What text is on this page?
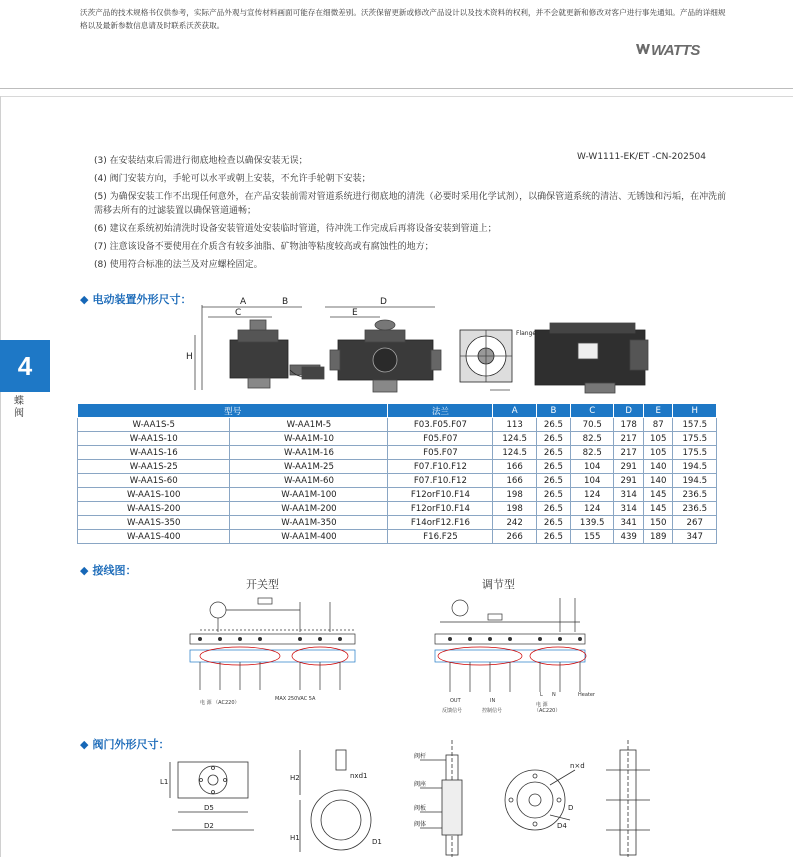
沃茨产品的技术规格书仅供参考，实际产品外观与宣传材料画面可能存在细微差别。沃茨保留更新或修改产品设计以及技术资料的权利，并不会就更新和修改对客户进行事先通知。产品的详细规格以及最新参数信息请及时联系沃茨获取。
WATTS
W-W1111-EK/ET -CN-202504
(3) 在安装结束后需进行彻底地检查以确保安装无误；
(4) 阀门安装方向，手轮可以水平或朝上安装，不允许手轮朝下安装；
(5) 为确保安装工作不出现任何意外，在产品安装前需对管道系统进行彻底地的清洗（必要时采用化学试剂），以确保管道系统的清洁、无锈蚀和污垢，在冲洗前需移去所有的过滤装置以确保管道通畅；
(6) 建议在系统初始清洗时设备安装管道处安装临时管道，待冲洗工作完成后再将设备安装到管道上；
(7) 注意该设备不要使用在介质含有较多油脂、矿物油等粘度较高或有腐蚀性的地方；
(8) 使用符合标准的法兰及对应螺栓固定。
4
蝶阀
◆ 电动装置外形尺寸：	A	B
C
D
E
H
Flange
型号		法兰	A	B	C	D	E	H
W-AA1S-5	W-AA1M-5	F03.F05.F07	113	26.5	70.5	178	87	157.5
W-AA1S-10	W-AA1M-10	F05.F07	124.5	26.5	82.5	217	105	175.5
W-AA1S-16	W-AA1M-16	F05.F07	124.5	26.5	82.5	217	105	175.5
W-AA1S-25	W-AA1M-25	F07.F10.F12	166	26.5	104	291	140	194.5
W-AA1S-60	W-AA1M-60	F07.F10.F12	166	26.5	104	291	140	194.5
W-AA1S-100	W-AA1M-100	F12orF10.F14	198	26.5	124	314	145	236.5
W-AA1S-200	W-AA1M-200	F12orF10.F14	198	26.5	124	314	145	236.5
W-AA1S-350	W-AA1M-350	F14orF12.F16	242	26.5	139.5	341	150	267
W-AA1S-400	W-AA1M-400	F16.F25	266	26.5	155	439	189	347
◆ 接线图：
开关型	调节型
电 源 （AC220）
MAX 250VAC 5A	OUT	IN
L N	Heater
反馈信号	控制信号
电 源
（AC220）
◆ 阀门外形尺寸：
L1
D5
D2
H2
H1
nxd1
D1
阀杆
阀座
阀板
阀体
n×d
D
D4
